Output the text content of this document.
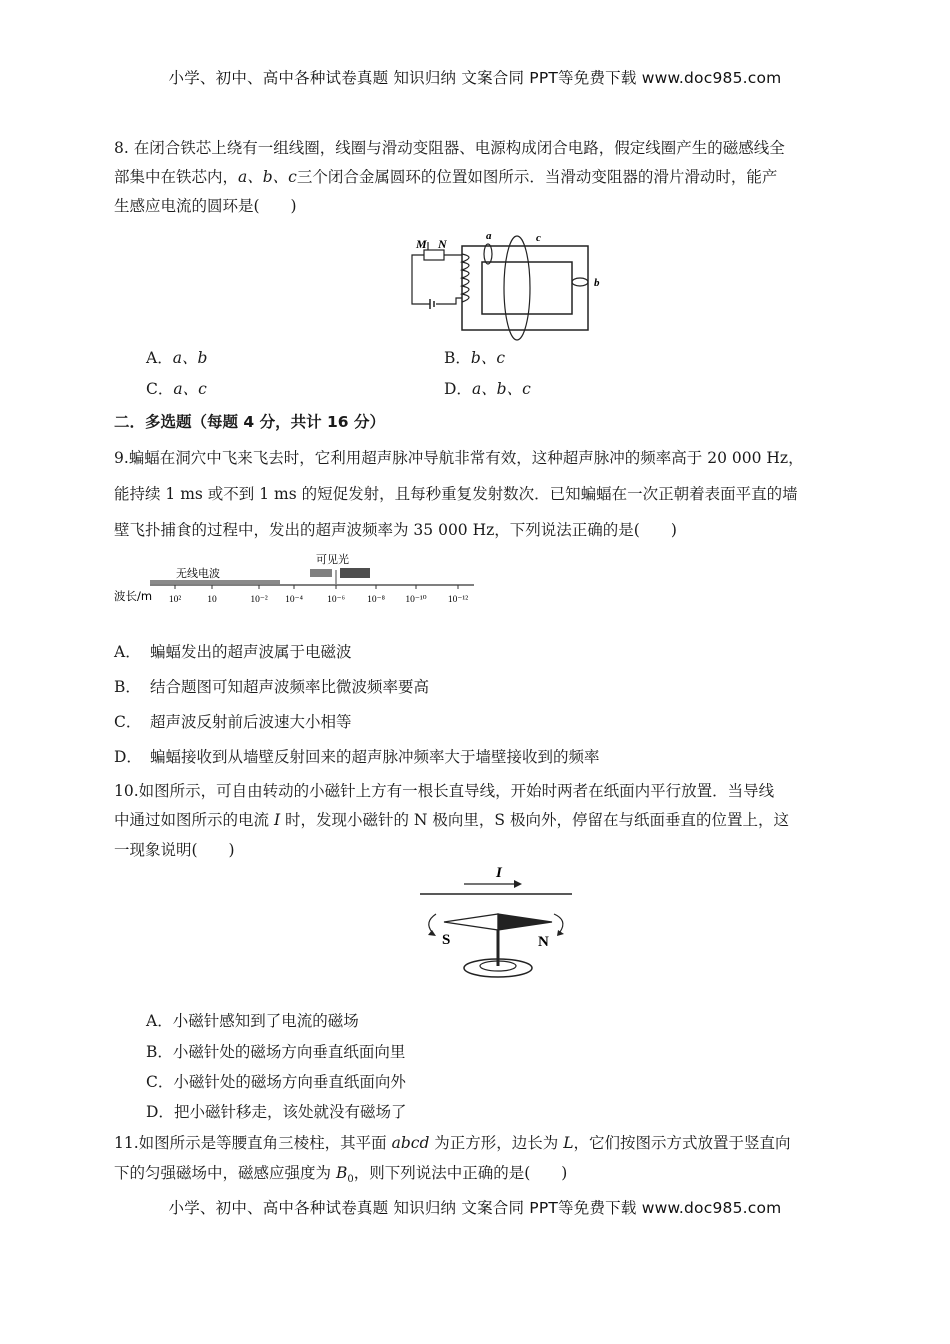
小学、初中、高中各种试卷真题 知识归纳 文案合同 PPT等免费下载 www.doc985.com
8. 在闭合铁芯上绕有一组线圈，线圈与滑动变阻器、电源构成闭合电路，假定线圈产生的磁感线全
部集中在铁芯内，a、b、c三个闭合金属圆环的位置如图所示．当滑动变阻器的滑片滑动时，能产
生感应电流的圆环是(　　)
M N
a	c
b
A．a、b	B．b、c
C．a、c	D．a、b、c
二．多选题（每题 4 分，共计 16 分）
9.蝙蝠在洞穴中飞来飞去时，它利用超声脉冲导航非常有效，这种超声脉冲的频率高于 20 000 Hz，
能持续 1 ms 或不到 1 ms 的短促发射，且每秒重复发射数次．已知蝙蝠在一次正朝着表面平直的墙
壁飞扑捕食的过程中，发出的超声波频率为 35 000 Hz，下列说法正确的是(　　)
波长/m
无线电波
可见光
10²	10	10⁻² 10⁻⁴	10⁻⁶ 10⁻⁸ 10⁻¹⁰ 10⁻¹²
A． 蝙蝠发出的超声波属于电磁波
B． 结合题图可知超声波频率比微波频率要高
C． 超声波反射前后波速大小相等
D． 蝙蝠接收到从墙壁反射回来的超声脉冲频率大于墙壁接收到的频率
10.如图所示，可自由转动的小磁针上方有一根长直导线，开始时两者在纸面内平行放置．当导线
中通过如图所示的电流 I 时，发现小磁针的 N 极向里，S 极向外，停留在与纸面垂直的位置上，这
一现象说明(　　)
I
S	N
A．小磁针感知到了电流的磁场
B．小磁针处的磁场方向垂直纸面向里
C．小磁针处的磁场方向垂直纸面向外
D．把小磁针移走，该处就没有磁场了
11.如图所示是等腰直角三棱柱，其平面 abcd 为正方形，边长为 L，它们按图示方式放置于竖直向
下的匀强磁场中，磁感应强度为 $B_0$，则下列说法中正确的是(　　)
小学、初中、高中各种试卷真题 知识归纳 文案合同 PPT等免费下载 www.doc985.com
